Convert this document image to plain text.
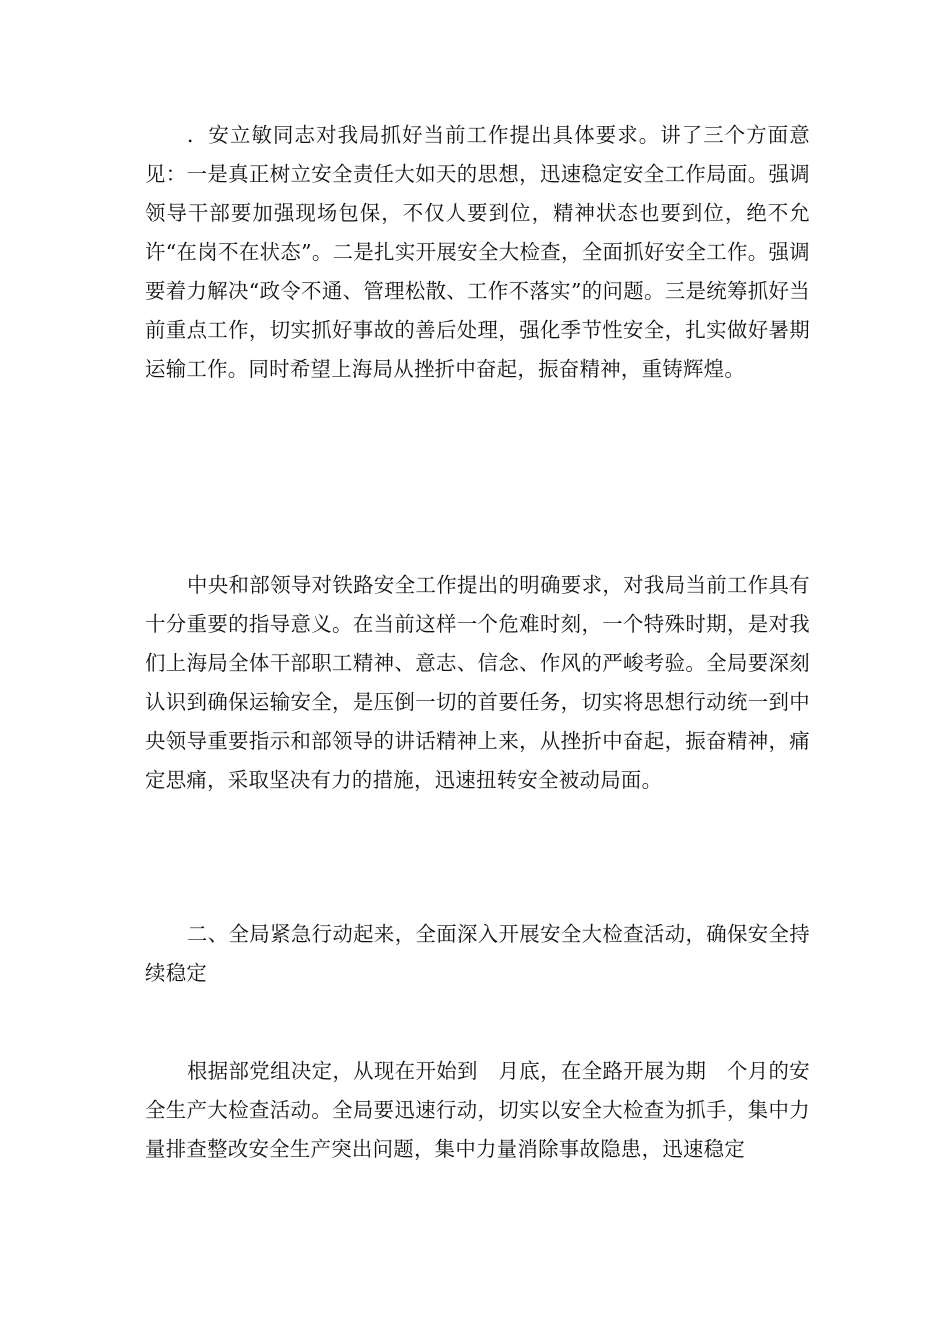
．安立敏同志对我局抓好当前工作提出具体要求。讲了三个方面意见：一是真正树立安全责任大如天的思想，迅速稳定安全工作局面。强调领导干部要加强现场包保，不仅人要到位，精神状态也要到位，绝不允许“在岗不在状态”。二是扎实开展安全大检查，全面抓好安全工作。强调要着力解决“政令不通、管理松散、工作不落实”的问题。三是统筹抓好当前重点工作，切实抓好事故的善后处理，强化季节性安全，扎实做好暑期运输工作。同时希望上海局从挫折中奋起，振奋精神，重铸辉煌。

中央和部领导对铁路安全工作提出的明确要求，对我局当前工作具有十分重要的指导意义。在当前这样一个危难时刻，一个特殊时期，是对我们上海局全体干部职工精神、意志、信念、作风的严峻考验。全局要深刻认识到确保运输安全，是压倒一切的首要任务，切实将思想行动统一到中央领导重要指示和部领导的讲话精神上来，从挫折中奋起，振奋精神，痛定思痛，采取坚决有力的措施，迅速扭转安全被动局面。

二、全局紧急行动起来，全面深入开展安全大检查活动，确保安全持续稳定

根据部党组决定，从现在开始到　月底，在全路开展为期　个月的安全生产大检查活动。全局要迅速行动，切实以安全大检查为抓手，集中力量排查整改安全生产突出问题，集中力量消除事故隐患，迅速稳定
